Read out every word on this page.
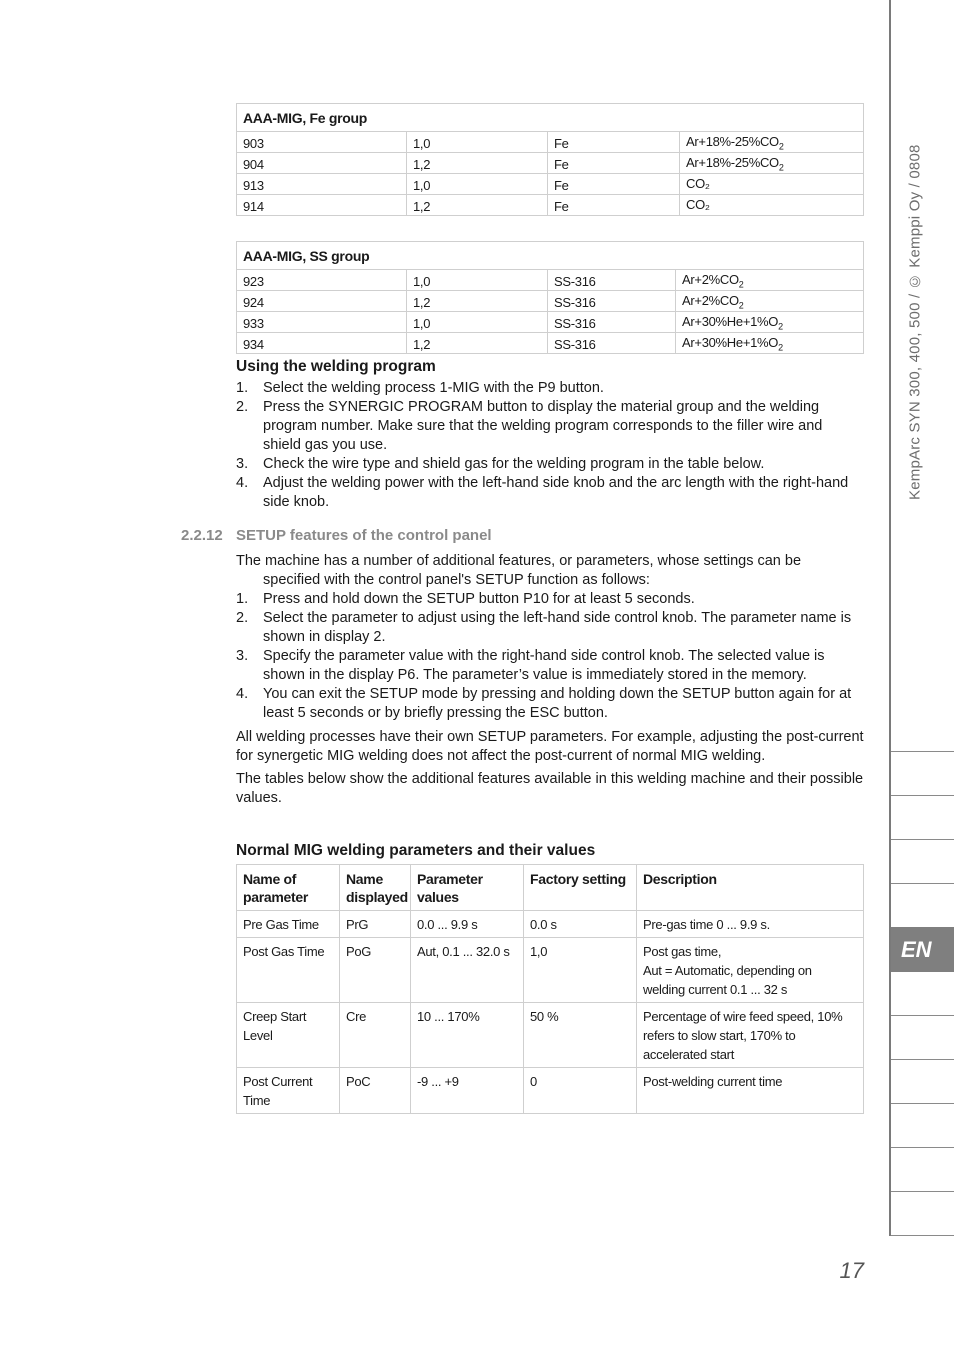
KempArc SYN 300, 400, 500 / © Kemppi Oy / 0808
EN
17
AAA-MIG, Fe group			
903	1,0	Fe	$Ar+18\%-25\%CO_2$
904	1,2	Fe	$Ar+18\%-25\%CO_2$
913	1,0	Fe	CO₂
914	1,2	Fe	CO₂
AAA-MIG, SS group			
923	1,0	SS-316	$Ar+2\%CO_2$
924	1,2	SS-316	$Ar+2\%CO_2$
933	1,0	SS-316	$Ar+30\%He+1\%O_2$
934	1,2	SS-316	$Ar+30\%He+1\%O_2$
Using the welding program
1. Select the welding process 1-MIG with the P9 button.
2. Press the SYNERGIC PROGRAM button to display the material group and the welding program number. Make sure that the welding program corresponds to the filler wire and shield gas you use.
3. Check the wire type and shield gas for the welding program in the table below.
4. Adjust the welding power with the left-hand side knob and the arc length with the right-hand side knob.
2.2.12 SETUP features of the control panel
The machine has a number of additional features, or parameters, whose settings can be
specified with the control panel's SETUP function as follows:
1. Press and hold down the SETUP button P10 for at least 5 seconds.
2. Select the parameter to adjust using the left-hand side control knob. The parameter name is shown in display 2.
3. Specify the parameter value with the right-hand side control knob. The selected value is shown in the display P6. The parameter’s value is immediately stored in the memory.
4. You can exit the SETUP mode by pressing and holding down the SETUP button again for at least 5 seconds or by briefly pressing the ESC button.
All welding processes have their own SETUP parameters. For example, adjusting the post-current for synergetic MIG welding does not affect the post-current of normal MIG welding.
The tables below show the additional features available in this welding machine and their possible values.
Normal MIG welding parameters and their values
Name of parameter	Name displayed	Parameter values	Factory setting	Description
Pre Gas Time	PrG	0.0 ... 9.9 s	0.0 s	Pre-gas time 0 ... 9.9 s.

Post Gas Time	PoG	Aut, 0.1 ... 32.0 s	1,0	Post gas time,
Aut = Automatic, depending on welding current 0.1 ... 32 s

Creep Start Level	Cre	10 ... 170%	50 %	Percentage of wire feed speed, 10% refers to slow start, 170% to accelerated start

Post Current Time	PoC	-9 ... +9	0	Post-welding current time
